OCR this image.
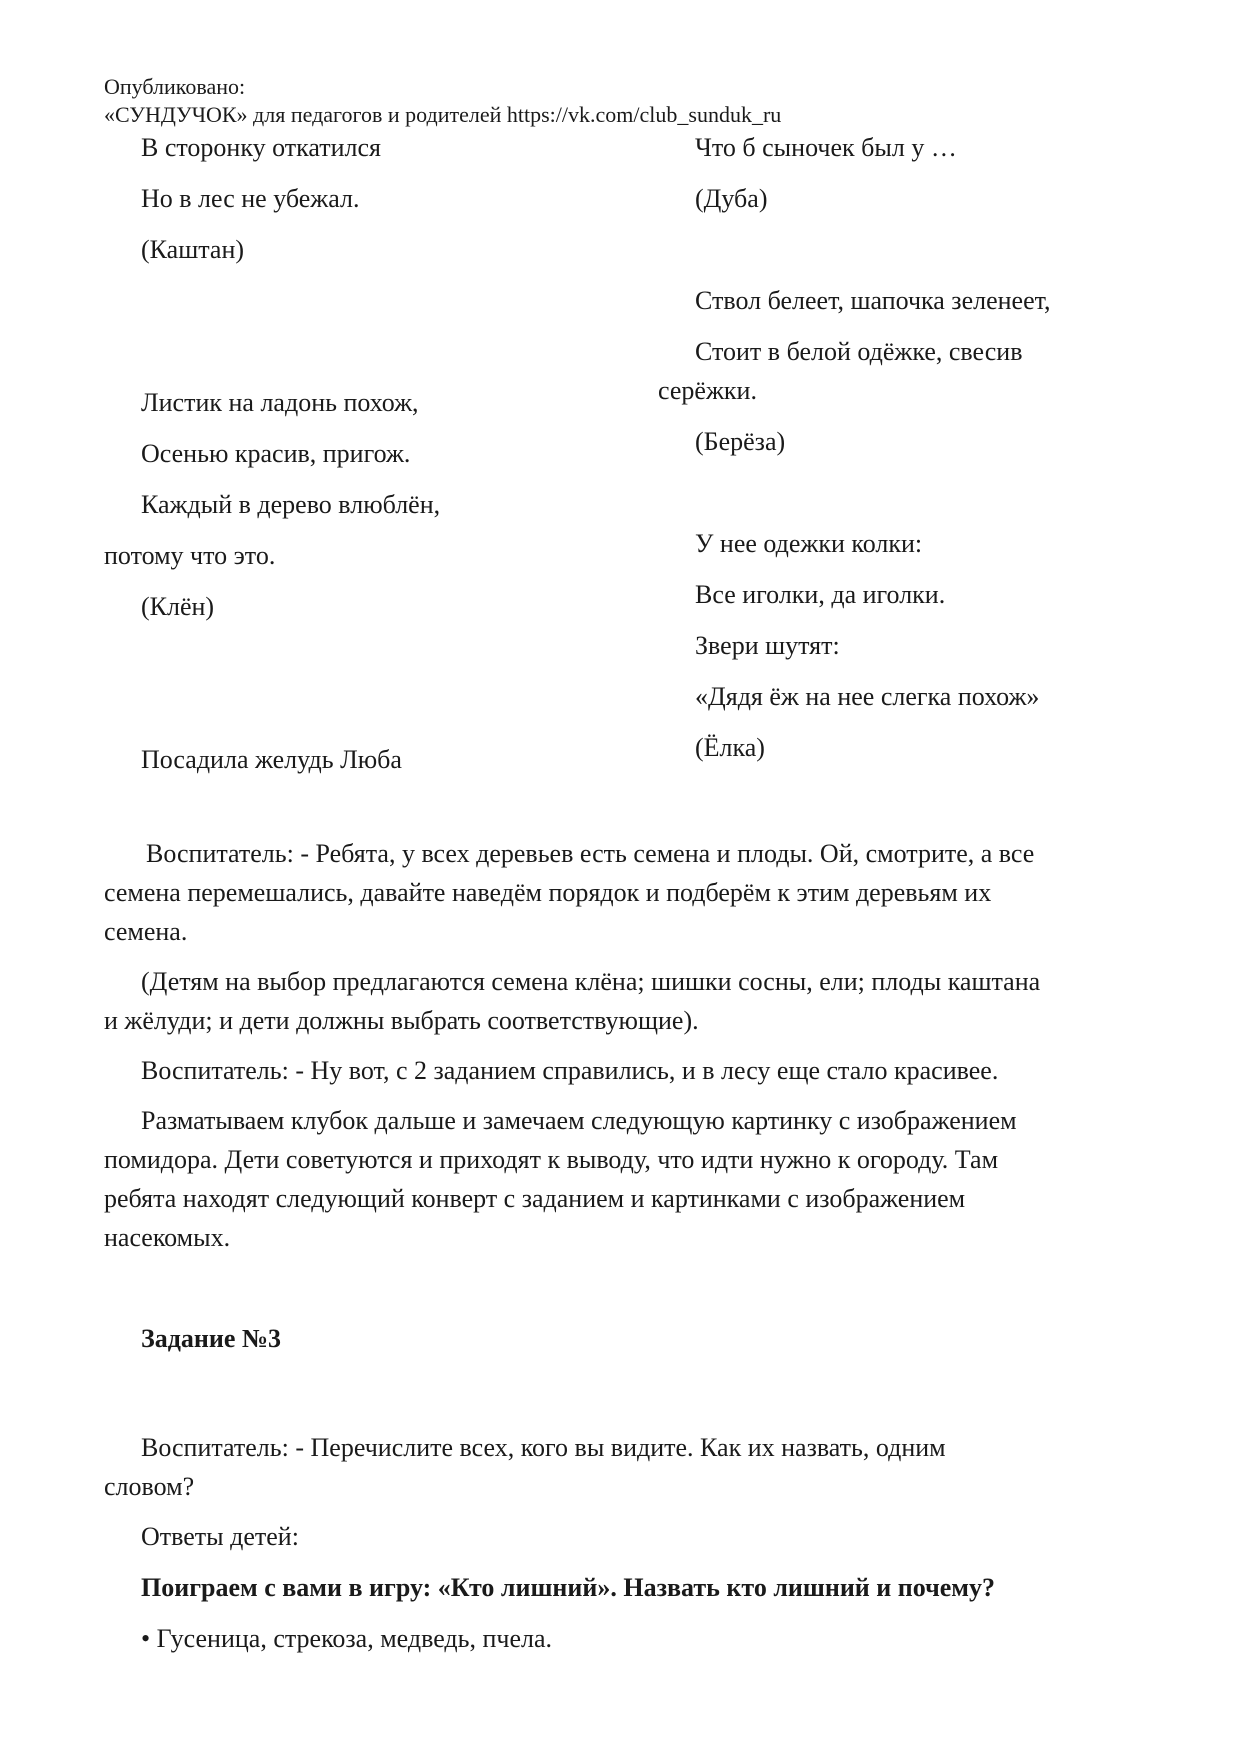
Опубликовано:
«СУНДУЧОК» для педагогов и родителей https://vk.com/club_sunduk_ru
В сторонку откатился
Но в лес не убежал.
(Каштан)
Листик на ладонь похож,
Осенью красив, пригож.
Каждый в дерево влюблён,
потому что это.
(Клён)
Посадила желудь Люба
Что б сыночек был у …
(Дуба)
Ствол белеет, шапочка зеленеет,
Стоит в белой одёжке, свесив
серёжки.
(Берёза)
У нее одежки колки:
Все иголки, да иголки.
Звери шутят:
«Дядя ёж на нее слегка похож»
(Ёлка)
Воспитатель: - Ребята, у всех деревьев есть семена и плоды. Ой, смотрите, а все
семена перемешались, давайте наведём порядок и подберём к этим деревьям их
семена.
(Детям на выбор предлагаются семена клёна; шишки сосны, ели; плоды каштана
и жёлуди; и дети должны выбрать соответствующие).
Воспитатель: - Ну вот, с 2 заданием справились, и в лесу еще стало красивее.
Разматываем клубок дальше и замечаем следующую картинку с изображением
помидора. Дети советуются и приходят к выводу, что идти нужно к огороду. Там
ребята находят следующий конверт с заданием и картинками с изображением
насекомых.
Задание №3
Воспитатель: - Перечислите всех, кого вы видите. Как их назвать, одним
словом?
Ответы детей:
Поиграем с вами в игру: «Кто лишний». Назвать кто лишний и почему?
• Гусеница, стрекоза, медведь, пчела.
